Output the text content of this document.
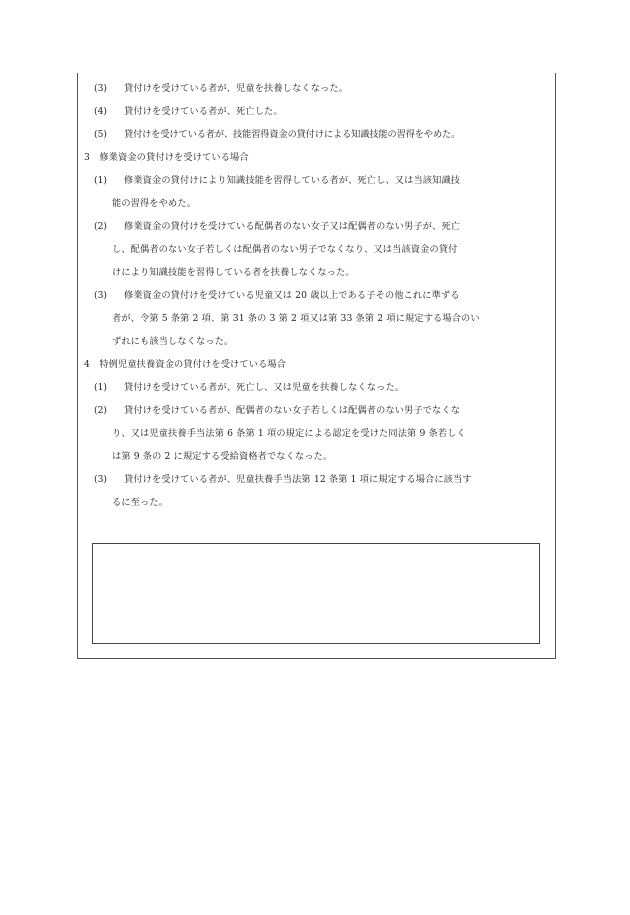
(3) 貸付けを受けている者が、児童を扶養しなくなった。
(4) 貸付けを受けている者が、死亡した。
(5) 貸付けを受けている者が、技能習得資金の貸付けによる知識技能の習得をやめた。
3　修業資金の貸付けを受けている場合
(1) 修業資金の貸付けにより知識技能を習得している者が、死亡し、又は当該知識技
能の習得をやめた。
(2) 修業資金の貸付けを受けている配偶者のない女子又は配偶者のない男子が、死亡
し、配偶者のない女子若しくは配偶者のない男子でなくなり、又は当該資金の貸付
けにより知識技能を習得している者を扶養しなくなった。
(3) 修業資金の貸付けを受けている児童又は 20 歳以上である子その他これに準ずる
者が、令第 5 条第 2 項、第 31 条の 3 第 2 項又は第 33 条第 2 項に規定する場合のい
ずれにも該当しなくなった。
4　特例児童扶養資金の貸付けを受けている場合
(1) 貸付けを受けている者が、死亡し、又は児童を扶養しなくなった。
(2) 貸付けを受けている者が、配偶者のない女子若しくは配偶者のない男子でなくな
り、又は児童扶養手当法第 6 条第 1 項の規定による認定を受けた同法第 9 条若しく
は第 9 条の 2 に規定する受給資格者でなくなった。
(3) 貸付けを受けている者が、児童扶養手当法第 12 条第 1 項に規定する場合に該当す
るに至った。
